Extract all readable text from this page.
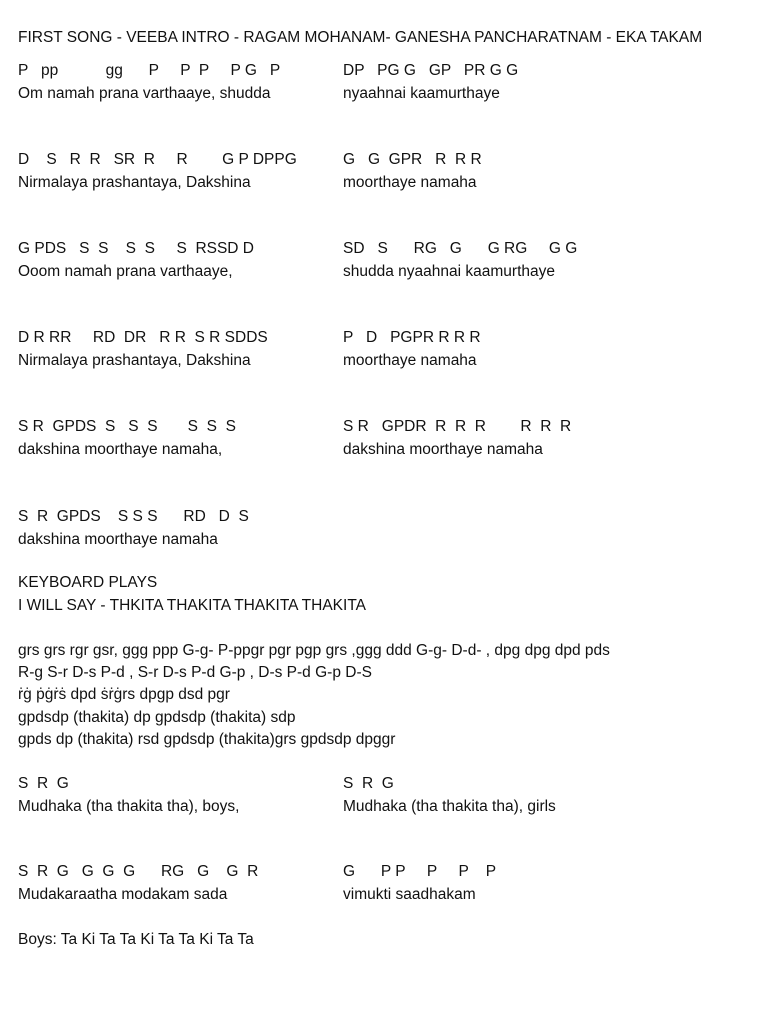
FIRST SONG - VEEBA INTRO - RAGAM MOHANAM- GANESHA PANCHARATNAM - EKA TAKAM
P   pp           gg      P     P  P     P G   P
Om namah prana varthaaye, shudda
DP   PG G   GP   PR G G
nyaahnai kaamurthaye
D    S   R  R   SR  R     R        G P DPPG
Nirmalaya prashantaya, Dakshina
G   G  GPR   R  R R
moorthaye namaha
G PDS   S  S    S  S     S  RSSD D
Ooom namah prana varthaaye,
SD   S      RG   G      G RG     G G
shudda nyaahnai kaamurthaye
D R RR     RD  DR   R R  S R SDDS
Nirmalaya prashantaya, Dakshina
P   D   PGPR R R R
moorthaye namaha
S R  GPDS  S   S  S       S  S  S
dakshina moorthaye namaha,
S R   GPDR  R  R  R        R  R  R
dakshina moorthaye namaha
S  R  GPDS    S S S      RD   D  S
dakshina moorthaye namaha
KEYBOARD PLAYS
I WILL SAY - THKITA THAKITA THAKITA THAKITA
grs grs rgr gsr, ggg ppp G-g- P-ppgr pgr pgp grs ,ggg ddd G-g- D-d- , dpg dpg dpd pds
R-g S-r D-s P-d , S-r D-s P-d G-p , D-s P-d G-p D-S
ṙġ ṗġṙṡ dpd ṡṙġrs dpgp dsd pgr
gpdsdp (thakita) dp gpdsdp (thakita) sdp
gpds dp (thakita) rsd gpdsdp (thakita)grs gpdsdp dpggr
S  R  G
Mudhaka (tha thakita tha), boys,
S  R  G
Mudhaka (tha thakita tha), girls
S  R  G   G  G  G      RG   G    G  R
Mudakaraatha modakam sada
G      P P     P     P    P
vimukti saadhakam
Boys: Ta Ki Ta Ta Ki Ta Ta Ki Ta Ta
